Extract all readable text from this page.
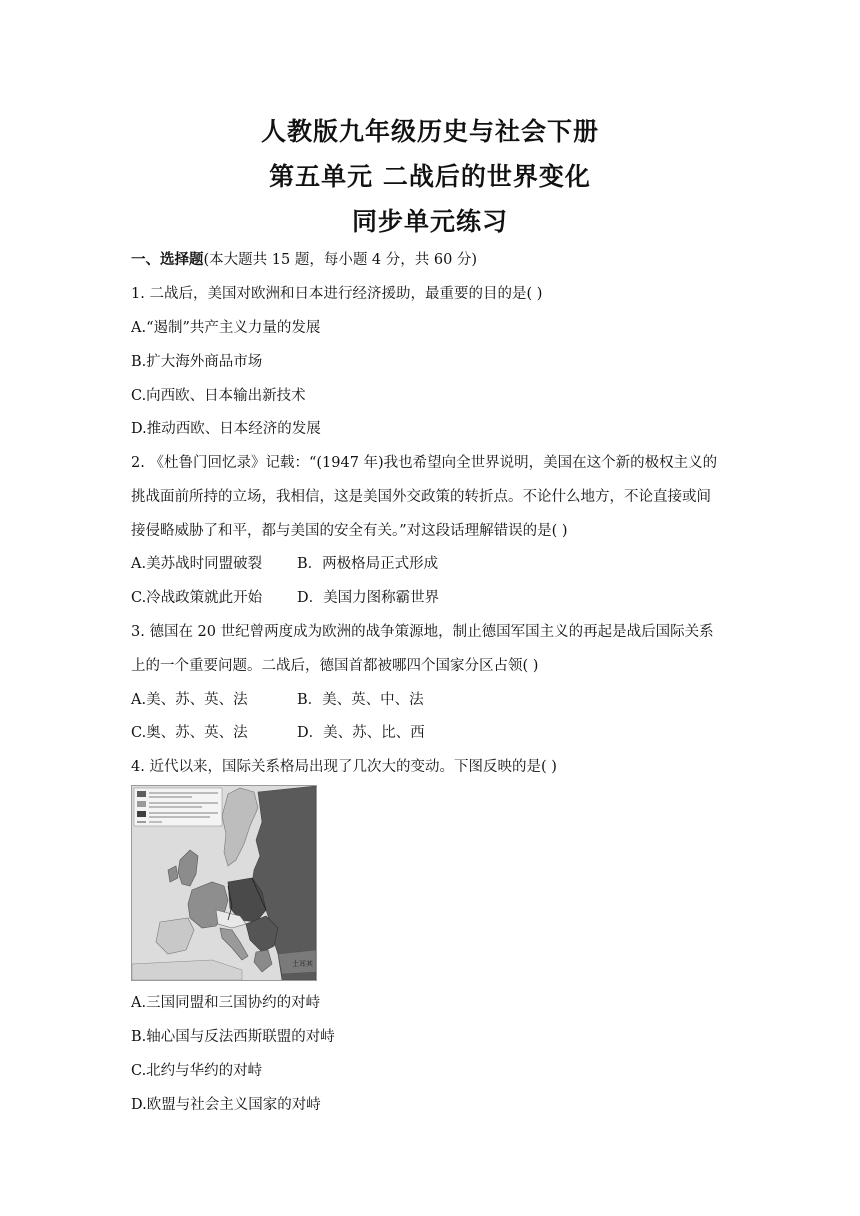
人教版九年级历史与社会下册
第五单元 二战后的世界变化
同步单元练习
一、选择题(本大题共 15 题，每小题 4 分，共 60 分)
1. 二战后，美国对欧洲和日本进行经济援助，最重要的目的是( )
A.“遏制”共产主义力量的发展
B.扩大海外商品市场
C.向西欧、日本输出新技术
D.推动西欧、日本经济的发展
2. 《杜鲁门回忆录》记载：“(1947 年)我也希望向全世界说明，美国在这个新的极权主义的
挑战面前所持的立场，我相信，这是美国外交政策的转折点。不论什么地方，不论直接或间
接侵略威胁了和平，都与美国的安全有关。”对这段话理解错误的是( )
A.美苏战时同盟破裂 B．两极格局正式形成
C.冷战政策就此开始 D．美国力图称霸世界
3. 德国在 20 世纪曾两度成为欧洲的战争策源地，制止德国军国主义的再起是战后国际关系
上的一个重要问题。二战后，德国首都被哪四个国家分区占领( )
A.美、苏、英、法	B．美、英、中、法
C.奥、苏、英、法	D．美、苏、比、西
4. 近代以来，国际关系格局出现了几次大的变动。下图反映的是( )
土耳其
A.三国同盟和三国协约的对峙
B.轴心国与反法西斯联盟的对峙
C.北约与华约的对峙
D.欧盟与社会主义国家的对峙
